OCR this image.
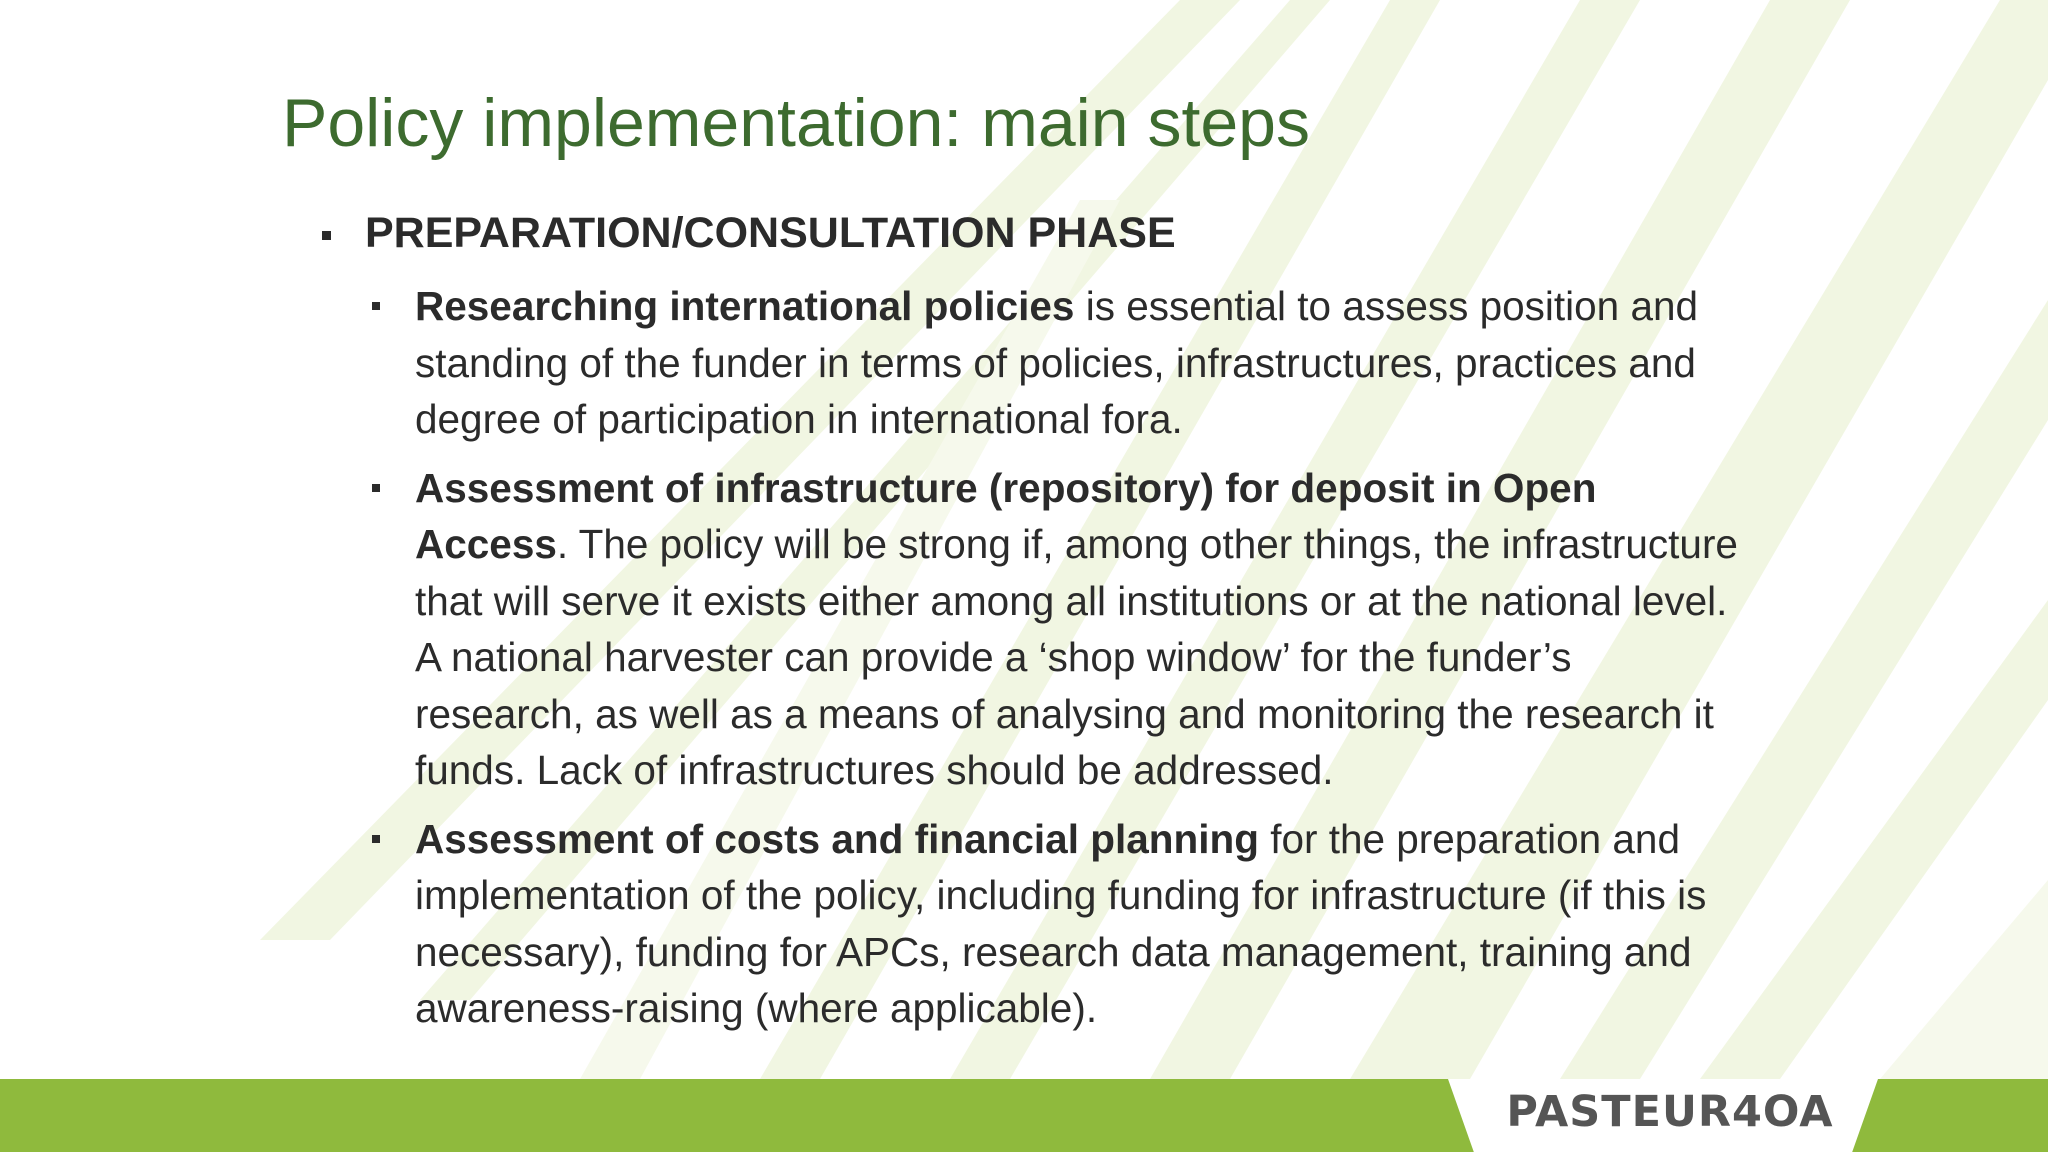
Policy implementation: main steps
PREPARATION/CONSULTATION PHASE
Researching international policies is essential to assess position and standing of the funder in terms of policies, infrastructures, practices and degree of participation in international fora.
Assessment of infrastructure (repository) for deposit in Open Access. The policy will be strong if, among other things, the infrastructure that will serve it exists either among all institutions or at the national level. A national harvester can provide a ‘shop window’ for the funder’s research, as well as a means of analysing and monitoring the research it funds. Lack of infrastructures should be addressed.
Assessment of costs and financial planning for the preparation and implementation of the policy, including funding for infrastructure (if this is necessary), funding for APCs, research data management, training and awareness-raising (where applicable).
PASTEUR4OA
